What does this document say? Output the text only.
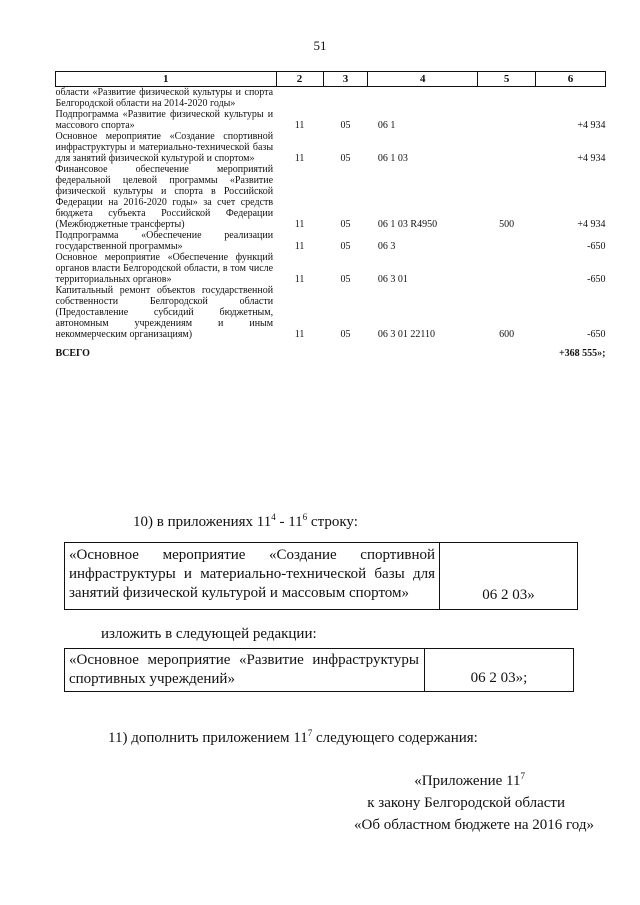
51
1	2	3	4	5	6
области «Развитие физической культуры и спорта Белгородской области на 2014-2020 годы»					
Подпрограмма «Развитие физической культуры и массового спорта»	11	05	06 1		+4 934
Основное мероприятие «Создание спортивной инфраструктуры и материально-технической базы для занятий физической культурой и спортом»	11	05	06 1 03		+4 934
Финансовое обеспечение мероприятий федеральной целевой программы «Развитие физической культуры и спорта в Российской Федерации на 2016-2020 годы» за счет средств бюджета субъекта Российской Федерации (Межбюджетные трансферты)	11	05	06 1 03 R4950	500	+4 934
Подпрограмма «Обеспечение реализации государственной программы»	11	05	06 3		-650
Основное мероприятие «Обеспечение функций органов власти Белгородской области, в том числе территориальных органов»	11	05	06 3 01		-650
Капитальный ремонт объектов государственной собственности Белгородской области (Предоставление субсидий бюджетным, автономным учреждениям и иным некоммерческим организациям)	11	05	06 3 01 22110	600	-650
ВСЕГО					+368 555»;
10) в приложениях $11^4 - 11^6$ строку:
«Основное мероприятие «Создание спортивной инфраструктуры и материально-технической базы для
занятий физической культурой и массовым спортом»	06 2 03»
изложить в следующей редакции:
«Основное мероприятие «Развитие инфраструктуры спортивных учреждений»	06 2 03»;
11) дополнить приложением $11^7$ следующего содержания:
«Приложение $11^7$
к закону Белгородской области
«Об областном бюджете на 2016 год»
